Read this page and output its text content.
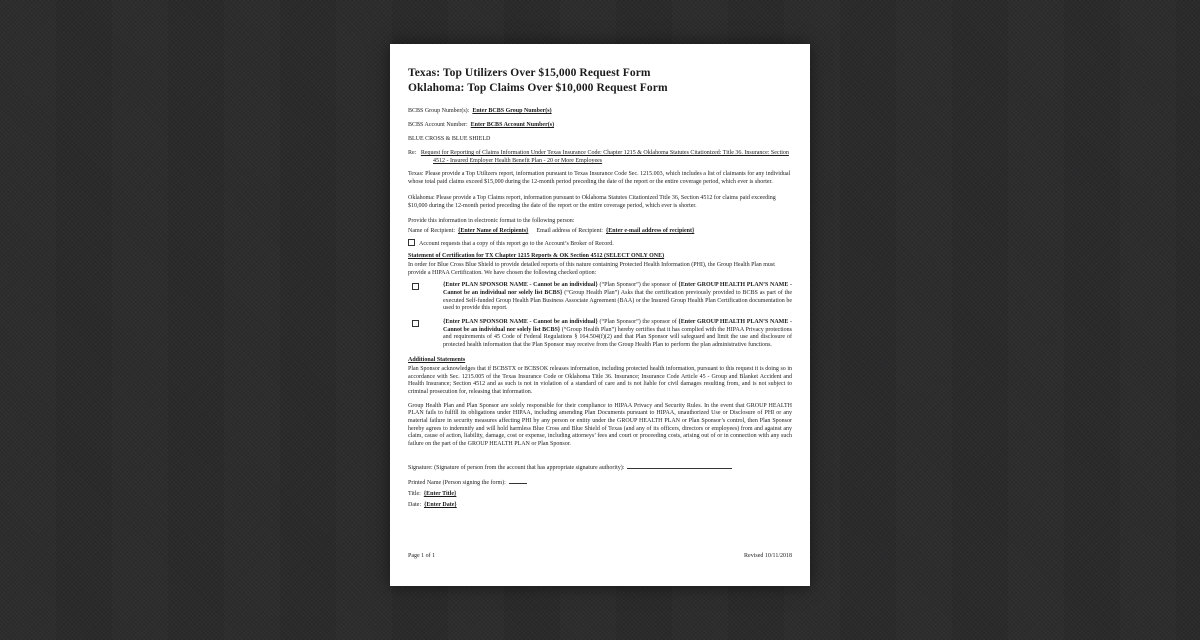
Texas: Top Utilizers Over $15,000 Request Form
Oklahoma: Top Claims Over $10,000 Request Form
BCBS Group Number(s): Enter BCBS Group Number(s)
BCBS Account Number: Enter BCBS Account Number(s)
BLUE CROSS & BLUE SHIELD
Re: Request for Reporting of Claims Information Under Texas Insurance Code: Chapter 1215 & Oklahoma Statutes Citationized: Title 36. Insurance: Section 4512 - Insured Employer Health Benefit Plan - 20 or More Employees
Texas: Please provide a Top Utilizers report, information pursuant to Texas Insurance Code Sec. 1215.003, which includes a list of claimants for any individual whose total paid claims exceed $15,000 during the 12-month period preceding the date of the report or the entire coverage period, which ever is shorter.
Oklahoma: Please provide a Top Claims report, information pursuant to Oklahoma Statutes Citationized Title 36, Section 4512 for claims paid exceeding $10,000 during the 12-month period preceding the date of the report or the entire coverage period, which ever is shorter.
Provide this information in electronic format to the following person:
Name of Recipient: {Enter Name of Recipients} Email address of Recipient: {Enter e-mail address of recipient}
Account requests that a copy of this report go to the Account’s Broker of Record.
Statement of Certification for TX Chapter 1215 Reports & OK Section 4512 (SELECT ONLY ONE)
In order for Blue Cross Blue Shield to provide detailed reports of this nature containing Protected Health Information (PHI), the Group Health Plan must provide a HIPAA Certification. We have chosen the following checked option:
{Enter PLAN SPONSOR NAME - Cannot be an individual} (“Plan Sponsor”) the sponsor of {Enter GROUP HEALTH PLAN’S NAME - Cannot be an individual nor solely list BCBS} (“Group Health Plan”) Asks that the certification previously provided to BCBS as part of the executed Self-funded Group Health Plan Business Associate Agreement (BAA) or the Insured Group Health Plan Certification documentation be used to provide this report.
{Enter PLAN SPONSOR NAME - Cannot be an individual} (“Plan Sponsor”) the sponsor of {Enter GROUP HEALTH PLAN’S NAME - Cannot be an individual nor solely list BCBS} (“Group Health Plan”) hereby certifies that it has complied with the HIPAA Privacy protections and requirements of 45 Code of Federal Regulations § 164.504(f)(2) and that Plan Sponsor will safeguard and limit the use and disclosure of protected health information that the Plan Sponsor may receive from the Group Health Plan to perform the plan administrative functions.
Additional Statements
Plan Sponsor acknowledges that if BCBSTX or BCBSOK releases information, including protected health information, pursuant to this request it is doing so in accordance with Sec. 1215.005 of the Texas Insurance Code or Oklahoma Title 36. Insurance; Insurance Code Article 45 - Group and Blanket Accident and Health Insurance; Section 4512 and as such is not in violation of a standard of care and is not liable for civil damages resulting from, and is not subject to criminal prosecution for, releasing that information.
Group Health Plan and Plan Sponsor are solely responsible for their compliance to HIPAA Privacy and Security Rules. In the event that GROUP HEALTH PLAN fails to fulfill its obligations under HIPAA, including amending Plan Documents pursuant to HIPAA, unauthorized Use or Disclosure of PHI or any material failure in security measures affecting PHI by any person or entity under the GROUP HEALTH PLAN or Plan Sponsor’s control, then Plan Sponsor hereby agrees to indemnify and will hold harmless Blue Cross and Blue Shield of Texas (and any of its officers, directors or employees) from and against any claim, cause of action, liability, damage, cost or expense, including attorneys’ fees and court or proceeding costs, arising out of or in connection with any such failure on the part of the GROUP HEALTH PLAN or Plan Sponsor.
Signature: (Signature of person from the account that has appropriate signature authority):
Printed Name (Person signing the form):
Title: {Enter Title}
Date: {Enter Date}
Page 1 of 1	Revised 10/11/2018
